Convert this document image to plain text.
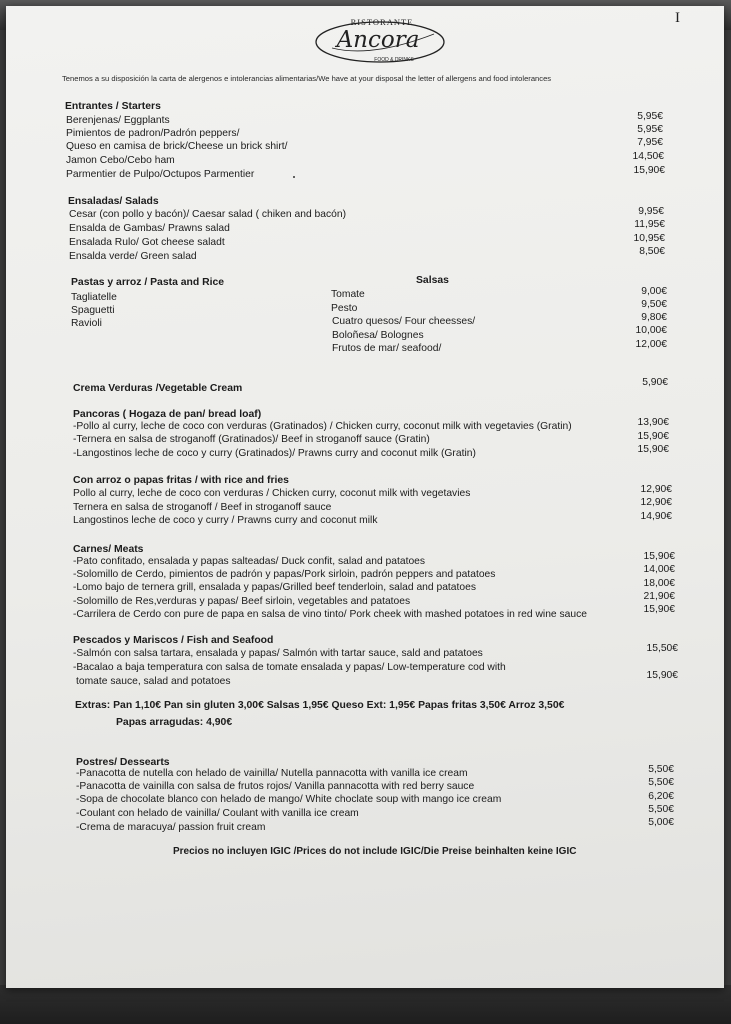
RISTORANTE
Ancora
FOOD & DRINKS
I
Tenemos a su disposición la carta de alergenos e intolerancias alimentarias/We have at your disposal the letter of allergens and food intolerances
Entrantes / Starters
Berenjenas/ Eggplants	5,95€
Pimientos de padron/Padrón peppers/	5,95€
Queso en camisa de brick/Cheese un brick shirt/	7,95€
Jamon Cebo/Cebo ham	14,50€
Parmentier de Pulpo/Octupos Parmentier	15,90€
Ensaladas/ Salads
Cesar (con pollo y bacón)/ Caesar salad ( chiken and bacón)	9,95€
Ensalda de Gambas/ Prawns salad	11,95€
Ensalada Rulo/ Got cheese saladt	10,95€
Ensalda verde/ Green salad	8,50€
Pastas y arroz / Pasta and Rice
Tagliatelle
Spaguetti
Ravioli
Salsas
Tomate	9,00€
Pesto	9,50€
Cuatro quesos/ Four cheesses/	9,80€
Boloñesa/ Bolognes	10,00€
Frutos de mar/ seafood/	12,00€
Crema Verduras /Vegetable Cream
5,90€
Pancoras ( Hogaza de pan/ bread loaf)
-Pollo al curry, leche de coco con verduras (Gratinados) / Chicken curry, coconut milk with vegetavies (Gratin)	13,90€
-Ternera en salsa de stroganoff (Gratinados)/ Beef in stroganoff sauce (Gratin)	15,90€
-Langostinos leche de coco y curry (Gratinados)/ Prawns curry and coconut milk (Gratin)	15,90€
Con arroz o papas fritas / with rice and fries
Pollo al curry, leche de coco con verduras / Chicken curry, coconut milk with vegetavies	12,90€
Ternera en salsa de stroganoff / Beef in stroganoff sauce	12,90€
Langostinos leche de coco y curry / Prawns curry and coconut milk	14,90€
Carnes/ Meats
-Pato confitado, ensalada y papas salteadas/ Duck confit, salad and patatoes	15,90€
-Solomillo de Cerdo, pimientos de padrón y papas/Pork sirloin, padrón peppers and patatoes	14,00€
-Lomo bajo de ternera grill, ensalada y papas/Grilled beef tenderloin, salad and patatoes	18,00€
-Solomillo de Res,verduras y papas/ Beef sirloin, vegetables and patatoes	21,90€
-Carrilera de Cerdo con pure de papa en salsa de vino tinto/ Pork cheek with mashed potatoes in red wine sauce	15,90€
Pescados y Mariscos / Fish and Seafood
-Salmón con salsa tartara, ensalada y papas/ Salmón with tartar sauce, sald and patatoes	15,50€
-Bacalao a baja temperatura con salsa de tomate ensalada y papas/ Low-temperature cod with
tomate sauce, salad and potatoes
15,90€
Extras: Pan 1,10€ Pan sin gluten 3,00€ Salsas 1,95€ Queso Ext: 1,95€ Papas fritas 3,50€ Arroz 3,50€
Papas arragudas: 4,90€
Postres/ Dessearts
-Panacotta de nutella con helado de vainilla/ Nutella pannacotta with vanilla ice cream	5,50€
-Panacotta de vainilla con salsa de frutos rojos/ Vanilla pannacotta with red berry sauce	5,50€
-Sopa de chocolate blanco con helado de mango/ White choclate soup with mango ice cream	6,20€
-Coulant con helado de vainilla/ Coulant with vanilla ice cream	5,50€
-Crema de maracuya/ passion fruit cream	5,00€
Precios no incluyen IGIC /Prices do not include IGIC/Die Preise beinhalten keine IGIC
